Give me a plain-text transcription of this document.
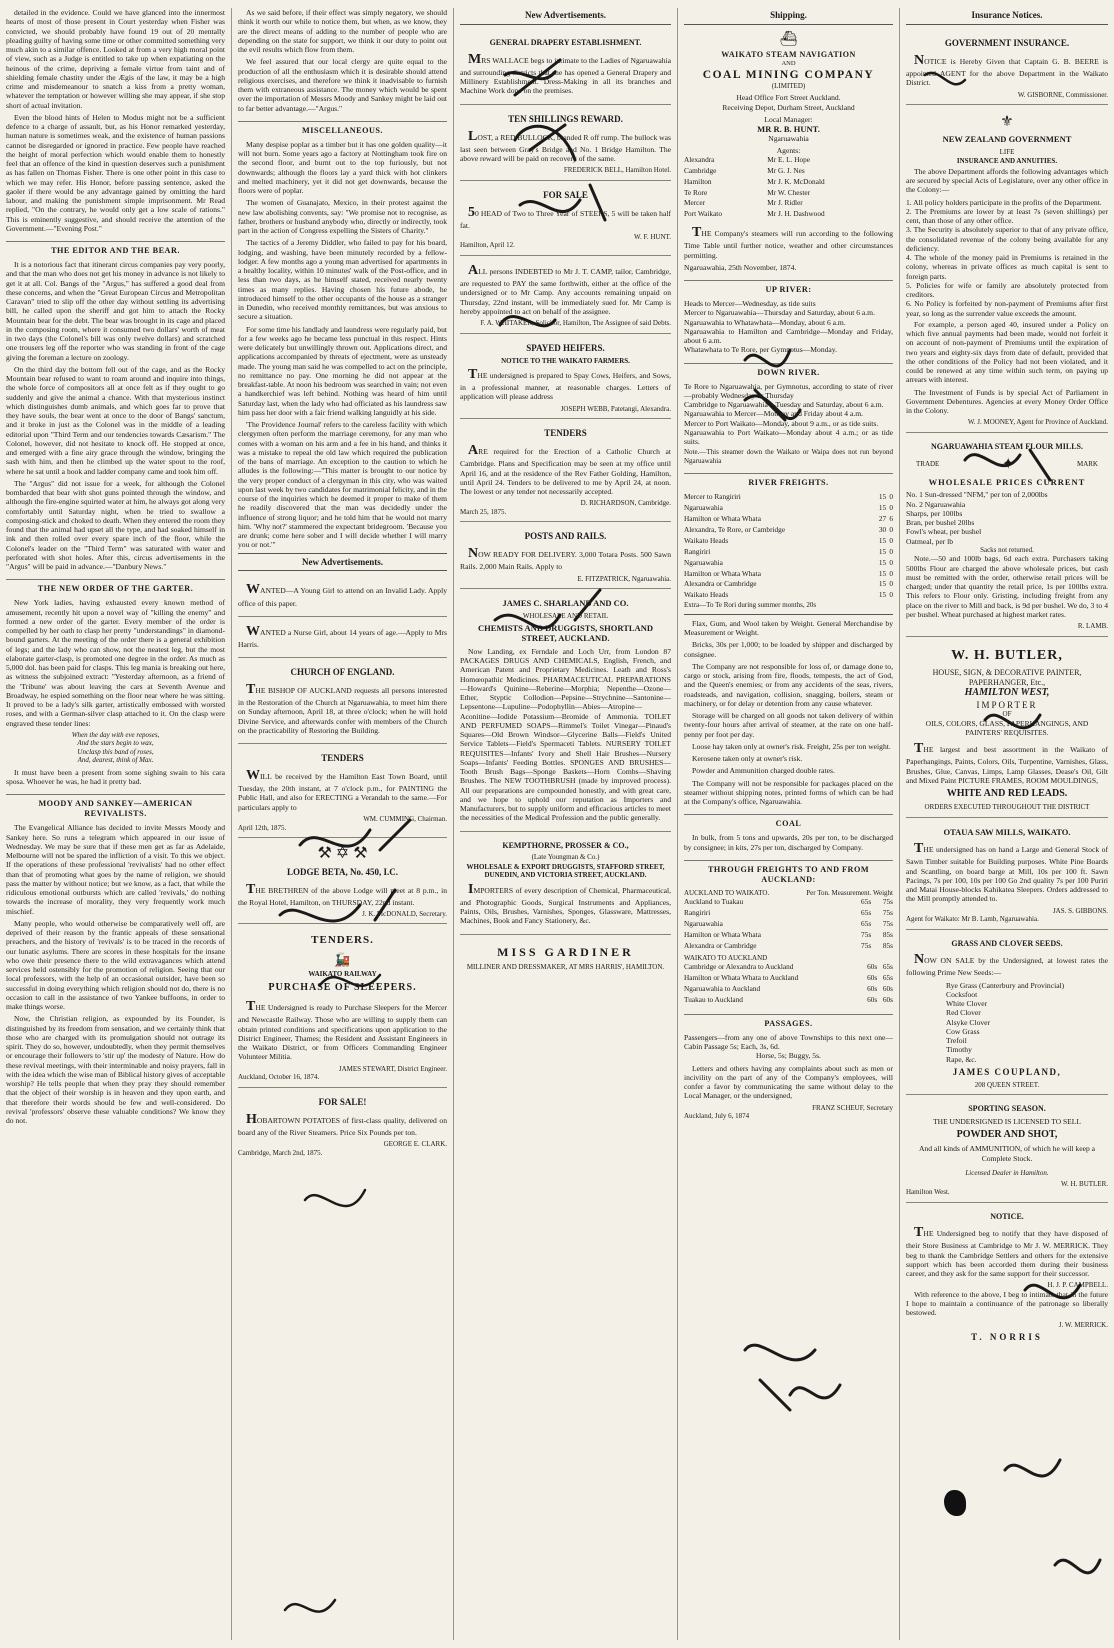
detailed in the evidence. Could we have glanced into the innermost hearts of most of those present in Court yesterday when Fisher was convicted, we should probably have found 19 out of 20 mentally pleading guilty of having some time or other committed something very much akin to a similar offence. Looked at from a very high moral point of view, such as a Judge is entitled to take up when expatiating on the heinous of the crime, depriving a female virtue from taint and of shielding female chastity under the Ægis of the law, it may be a high crime and misdemeanour to snatch a kiss from a pretty woman, whatever the temptation or however willing she may appear, if she stop short of actual invitation.

Even the blood hints of Helen to Modus might not be a sufficient defence to a charge of assault, but, as his Honor remarked yesterday, human nature is sometimes weak, and the existence of human passions cannot be disregarded or ignored in practice. Few people have reached the height of moral perfection which would enable them to honestly feel that an offence of the kind in question deserves such a punishment as has fallen on Thomas Fisher. There is one other point in this case to which we may refer. His Honor, before passing sentence, asked the gaoler if there would be any advantage gained by omitting the hard labour, and making the punishment simple imprisonment. Mr Read replied, "On the contrary, he would only get a low scale of rations." This is eminently suggestive, and should receive the attention of the Government.—"Evening Post."

THE EDITOR AND THE BEAR.

It is a notorious fact that itinerant circus companies pay very poorly, and that the man who does not get his money in advance is not likely to get it at all. Col. Bangs of the "Argus," has suffered a good deal from these concerns, and when the "Great European Circus and Metropolitan Caravan" tried to slip off the other day without settling its advertising bill, he called upon the sheriff and got him to attach the Rocky Mountain bear for the debt. The bear was brought in its cage and placed in the composing room, where it consumed two dollars' worth of meat in two days (the Colonel's bill was only twelve dollars) and scratched one trousers leg off the reporter who was standing in front of the cage giving the foreman a lecture on zoology.

On the third day the bottom fell out of the cage, and as the Rocky Mountain bear refused to want to roam around and inquire into things, the whole force of compositors all at once felt as if they ought to go suddenly and give the animal a chance. With that mysterious instinct which distinguishes dumb animals, and which goes far to prove that they have souls, the bear went at once to the door of Bangs' sanctum, and it broke in just as the Colonel was in the middle of a leading editorial upon "Third Term and our tendencies towards Cæsarism." The Colonel, however, did not hesitate to knock off. He stopped at once, and emerged with a fine airy grace through the window, bringing the sash with him, and then he climbed up the water spout to the roof, where he sat until a hook and ladder company came and took him off.

The "Argus" did not issue for a week, for although the Colonel bombarded that bear with shot guns pointed through the window, and although the fire-engine squirted water at him, he always got along very comfortably until Saturday night, when he tried to swallow a composing-stick and choked to death. When they entered the room they found that the animal had upset all the type, and had soaked himself in ink and then rolled over every spare inch of the floor, while the Colonel's leader on the "Third Term" was saturated with water and perforated with shot holes. After this, circus advertisements in the "Argus" will be paid in advance.—"Danbury News."

THE NEW ORDER OF THE GARTER.

New York ladies, having exhausted every known method of amusement, recently hit upon a novel way of "killing the enemy" and formed a new order of the garter. Every member of the order is compelled by her oath to clasp her pretty "understandings" in diamond-bound garters. At the meeting of the order there is a general exhibition of legs; and the lady who can show, not the neatest leg, but the most elaborate garter-clasp, is promoted one degree in the order. As much as 5,000 dol. has been paid for clasps. This leg mania is breaking out here, as witness the subjoined extract: "Yesterday afternoon, as a friend of the 'Tribune' was about leaving the cars at Seventh Avenue and Broadway, he espied something on the floor near where he was sitting. It proved to be a lady's silk garter, artistically embossed with worsted roses, and with a German-silver clasp attached to it. On the clasp were engraved these tender lines:

When the day with eve reposes,
And the stars begin to wax,
Unclasp this band of roses,
And, dearest, think of Max.

It must have been a present from some sighing swain to his cara sposa. Whoever he was, he had it pretty bad.

MOODY AND SANKEY—AMERICAN REVIVALISTS.

The Evangelical Alliance has decided to invite Messrs Moody and Sankey here. So runs a telegram which appeared in our issue of Wednesday. We may be sure that if these men get as far as Adelaide, Melbourne will not be spared the infliction of a visit. To this we object. If the operations of these professional 'revivalists' had no other effect than that of promoting what goes by the name of religion, we should pass the matter by without notice; but we know, as a fact, that while the ridiculous emotional outbursts which are called 'revivals,' do nothing towards the increase of morality, they very frequently work much mischief.

Many people, who would otherwise be comparatively well off, are deprived of their reason by the frantic appeals of these sensational preachers, and the history of 'revivals' is to be traced in the records of our lunatic asylums. There are scores in these hospitals for the insane who owe their presence there to the wild extravagances which attend services held ostensibly for the promotion of religion. Seeing that our local professors, with the help of an occasional outsider, have been so successful in doing everything which religion should not do, there is no occasion to call in the assistance of two Yankee buffoons, in order to make things worse.

Now, the Christian religion, as expounded by its Founder, is distinguished by its freedom from sensation, and we certainly think that those who are charged with its promulgation should not outrage its spirit. They do so, however, undoubtedly, when they permit themselves or encourage their followers to 'stir up' the modesty of Nature. How do these revival meetings, with their interminable and noisy prayers, fall in with the idea which the wise man of Biblical history gives of acceptable worship? He tells people that when they pray they should remember that the object of their worship is in heaven and they upon earth, and that therefore their words should be few and well-considered. Do revival 'professors' observe these valuable conditions? We know they do not.

As we said before, if their effect was simply negatory, we should think it worth our while to notice them, but when, as we know, they are the direct means of adding to the number of people who are depending on the state for support, we think it our duty to point out the evil results which flow from them.

We feel assured that our local clergy are quite equal to the production of all the enthusiasm which it is desirable should attend religious exercises, and therefore we think it inadvisable to furnish them with extraneous assistance. The money which would be spent over the importation of Messrs Moody and Sankey might be laid out to far better advantage.—"Argus."

MISCELLANEOUS.

Many despise poplar as a timber but it has one golden quality—it will not burn. Some years ago a factory at Nottingham took fire on the second floor, and burnt out to the top furiously, but not downwards; although the floors lay a yard thick with hot clinkers and melted machinery, yet it did not get downwards, because the floors were of poplar.

The women of Guanajato, Mexico, in their protest against the new law abolishing convents, say: "We promise not to recognise, as father, brothers or husband anybody who, directly or indirectly, took part in the action of Congress expelling the Sisters of Charity."

The tactics of a Jeremy Diddler, who failed to pay for his board, lodging, and washing, have been minutely recorded by a fellow-lodger. A few months ago a young man advertised for apartments in a healthy locality, within 10 minutes' walk of the Post-office, and in less than two days, as he himself stated, received nearly twenty times as many replies. Having chosen his future abode, he introduced himself to the other occupants of the house as a stranger in Dunedin, who received monthly remittances, but was anxious to secure a situation.

For some time his landlady and laundress were regularly paid, but for a few weeks ago he became less punctual in this respect. Hints were delicately but unwillingly thrown out. Applications direct, and applications accompanied by threats of ejectment, were as unsteady made. The young man said he was compelled to act on the principle, no remittance no pay. One morning he did not appear at the breakfast-table. At noon his bedroom was searched in vain; not even a handkerchief was left behind. Nothing was heard of him until Saturday last, when the lady who had officiated as his laundress saw him pass her door with a fair friend walking languidly at his side.

'The Providence Journal' refers to the careless facility with which clergymen often perform the marriage ceremony, for any man who comes with a woman on his arm and a fee in his hand, and thinks it was a mistake to repeal the old law which required the publication of the bans of marriage. An exception to the caution to which he alludes is the following:—"This matter is brought to our notice by the very proper conduct of a clergyman in this city, who was waited upon last week by two candidates for matrimonial felicity, and in the course of the inquiries which he deemed it proper to make of them he readily discovered that the man was decidedly under the influence of strong liquor; and he told him that he would not marry him. 'Why not?' stammered the expectant bridegroom. 'Because you are drunk; come here sober and I will decide whether I will marry you or not.'"

New Advertisements.

WANTED—A Young Girl to attend on an Invalid Lady. Apply office of this paper.

WANTED a Nurse Girl, about 14 years of age.—Apply to Mrs Harris.

CHURCH OF ENGLAND.

THE BISHOP OF AUCKLAND requests all persons interested in the Restoration of the Church at Ngaruawahia, to meet him there on Sunday afternoon, April 18, at three o'clock; when he will hold Divine Service, and afterwards confer with members of the Church on the practicability of Restoring the Building.

TENDERS

WILL be received by the Hamilton East Town Board, until Tuesday, the 20th instant, at 7 o'clock p.m., for PAINTING the Public Hall, and also for ERECTING a Verandah to the same.—For particulars apply to

WM. CUMMING, Chairman.
April 12th, 1875.
⚒ ✡ ⚒
LODGE BETA, No. 450, I.C.

THE BRETHREN of the above Lodge will meet at 8 p.m., in the Royal Hotel, Hamilton, on THURSDAY, 22nd instant.

J. K. McDONALD, Secretary.
TENDERS.
🚂
WAIKATO RAILWAY
PURCHASE OF SLEEPERS.

THE Undersigned is ready to Purchase Sleepers for the Mercer and Newcastle Railway. Those who are willing to supply them can obtain printed conditions and specifications upon application to the District Engineer, Thames; the Resident and Assistant Engineers in the Waikato District, or from Officers Commanding Engineer Volunteer Militia.

JAMES STEWART, District Engineer.
Auckland, October 16, 1874.
FOR SALE!

HOBARTOWN POTATOES of first-class quality, delivered on board any of the River Steamers. Price Six Pounds per ton.

GEORGE E. CLARK.
Cambridge, March 2nd, 1875.
New Advertisements.
GENERAL DRAPERY ESTABLISHMENT.

MRS WALLACE begs to intimate to the Ladies of Ngaruawahia and surrounding districts that she has opened a General Drapery and Millinery Establishment. Dress-Making in all its branches and Machine Work done on the premises.

TEN SHILLINGS REWARD.

LOST, a RED BULLOCK, branded R off rump. The bullock was last seen between Gray's Bridge and No. 1 Bridge Hamilton. The above reward will be paid on recovery of the same.

FREDERICK BELL, Hamilton Hotel.
FOR SALE

50 HEAD of Two to Three Year of STEERS, 5 will be taken half fat.

W. F. HUNT.
Hamilton, April 12.

ALL persons INDEBTED to Mr J. T. CAMP, tailor, Cambridge, are requested to PAY the same forthwith, either at the office of the undersigned or to Mr Camp. Any accounts remaining unpaid on Thursday, 22nd instant, will be immediately sued for. Mr Camp is hereby appointed to act on behalf of the assignee.

F. A. WHITAKER, Solicitor, Hamilton, The Assignee of said Debts.
SPAYED HEIFERS.
NOTICE TO THE WAIKATO FARMERS.

THE undersigned is prepared to Spay Cows, Heifers, and Sows, in a professional manner, at reasonable charges. Letters of application will please address

JOSEPH WEBB, Patetangi, Alexandra.
TENDERS

ARE required for the Erection of a Catholic Church at Cambridge. Plans and Specification may be seen at my office until April 16, and at the residence of the Rev Father Golding, Hamilton, until April 24. Tenders to be delivered to me by April 24, at noon. The lowest or any tender not necessarily accepted.

D. RICHARDSON, Cambridge.
March 25, 1875.
POSTS AND RAILS.

NOW READY FOR DELIVERY. 3,000 Totara Posts. 500 Sawn Rails. 2,000 Main Rails. Apply to

E. FITZPATRICK, Ngaruawahia.
JAMES C. SHARLAND AND CO.
WHOLESALE AND RETAIL
CHEMISTS AND DRUGGISTS, SHORTLAND STREET, AUCKLAND.

Now Landing, ex Ferndale and Loch Urr, from London 87 PACKAGES DRUGS AND CHEMICALS, English, French, and American Patent and Proprietary Medicines. Leath and Ross's Homœopathic Medicines. PHARMACEUTICAL PREPARATIONS—Howard's Quinine—Reberine—Morphia; Nepenthe—Ozone—Ether, Styptic Collodion—Pepsine—Strychnine—Santonine—Lepsentone—Lupuline—Podophyllin—Abies—Atropine—Aconitine—Iodide Potassium—Bromide of Ammonia. TOILET AND PERFUMED SOAPS—Rimmel's Toilet Vinegar—Pinaud's Squares—Old Brown Windsor—Glycerine Balls—Field's United Service Tablets—Field's Spermaceti Tablets. NURSERY TOILET REQUISITES—Infants' Ivory and Shell Hair Brushes—Nursery Soaps—Infants' Feeding Bottles. SPONGES AND BRUSHES—Tooth Brush Bags—Sponge Baskets—Horn Combs—Shaving Brushes. The NEW TOOTHBRUSH (made by improved process). All our preparations are compounded honestly, and with great care, and we hope to uphold our reputation as Importers and Manufacturers, but to supply uniform and efficacious articles to meet the necessities of the Medical Profession and the public generally.

KEMPTHORNE, PROSSER & CO.,
(Late Youngman & Co.)
WHOLESALE & EXPORT DRUGGISTS, STAFFORD STREET, DUNEDIN, AND VICTORIA STREET, AUCKLAND.

IMPORTERS of every description of Chemical, Pharmaceutical, and Photographic Goods, Surgical Instruments and Appliances, Paints, Oils, Brushes, Varnishes, Sponges, Glassware, Mattresses, Machines, Book and Fancy Stationery, &c.

MISS GARDINER
MILLINER AND DRESSMAKER, AT MRS HARRIS', HAMILTON.
Shipping.
⛴
WAIKATO STEAM NAVIGATION
AND
COAL MINING COMPANY
(LIMITED)
Head Office Fort Street Auckland.
Receiving Depot, Durham Street, Auckland
Local Manager:
MR R. B. HUNT.
Ngaruawahia
Agents:
Alexandra	Mr E. L. Hope
Cambridge	Mr G. J. Nes
Hamilton	Mr J. K. McDonald
Te Rore	Mr W. Chester
Mercer	Mr J. Ridler
Port Waikato	Mr J. H. Dashwood

THE Company's steamers will run according to the following Time Table until further notice, weather and other circumstances permitting.

Ngaruawahia, 25th November, 1874.
UP RIVER:
Heads to Mercer—Wednesday, as tide suits
Mercer to Ngaruawahia—Thursday and Saturday, about 6 a.m.
Ngaruawahia to Whatawhata—Monday, about 6 a.m.
Ngaruawahia to Hamilton and Cambridge—Monday and Friday, about 6 a.m.
Whatawhata to Te Rore, per Gymnotus—Monday.
DOWN RIVER.
Te Rore to Ngaruawahia, per Gymnotus, according to state of river—probably Wednesday or Thursday
Cambridge to Ngaruawahia—Tuesday and Saturday, about 6 a.m.
Ngaruawahia to Mercer—Monday and Friday about 4 a.m.
Mercer to Port Waikato—Monday, about 9 a.m., or as tide suits.
Ngaruawahia to Port Waikato—Monday about 4 a.m.; or as tide suits.
Note.—This steamer down the Waikato or Waipa does not run beyond Ngaruawahia
RIVER FREIGHTS.
Mercer to Rangiriri	15	0
Ngaruawahia	15	0
Hamilton or Whata Whata	27	6
Alexandra, Te Rore, or Cambridge	30	0
Waikato Heads	15	0
Rangiriri	15	0
Ngaruawahia	15	0
Hamilton or Whata Whata	15	0
Alexandra or Cambridge	15	0
Waikato Heads	15	0
Extra—To Te Rori during summer months, 20s

Flax, Gum, and Wool taken by Weight. General Merchandise by Measurement or Weight.

Bricks, 30s per 1,000; to be loaded by shipper and discharged by consignee.

The Company are not responsible for loss of, or damage done to, cargo or stock, arising from fire, floods, tempests, the act of God, and the Queen's enemies; or from any accidents of the seas, rivers, roadsteads, and navigation, collision, snagging, boilers, steam or machinery, or for delay or detention from any cause whatever.

Storage will be charged on all goods not taken delivery of within twenty-four hours after arrival of steamer, at the rate on one half-penny per foot per day.

Loose hay taken only at owner's risk. Freight, 25s per ton weight.

Kerosene taken only at owner's risk.

Powder and Ammunition charged double rates.

The Company will not be responsible for packages placed on the steamer without shipping notes, printed forms of which can be had at the Company's office, Ngaruawahia.

COAL

In bulk, from 5 tons and upwards, 20s per ton, to be discharged by consignee; in kits, 27s per ton, discharged by Company.

THROUGH FREIGHTS TO AND FROM AUCKLAND:
AUCKLAND TO WAIKATO.	Per Ton. Measurement. Weight
Auckland to Tuakau	65s	75s
Rangiriri	65s	75s
Ngaruawahia	65s	75s
Hamilton or Whata Whata	75s	85s
Alexandra or Cambridge	75s	85s
WAIKATO TO AUCKLAND
Cambridge or Alexandra to Auckland	60s	65s
Hamilton or Whata Whata to Auckland	60s	65s
Ngaruawahia to Auckland	60s	60s
Tuakau to Auckland	60s	60s
PASSAGES.
Passengers—from any one of above Townships to this next one—Cabin Passage 5s; Each, 3s, 6d.
Horse, 5s; Buggy, 5s.

Letters and others having any complaints about such as men or incivility on the part of any of the Company's employees, will confer a favor by communicating the same without delay to the Local Manager, or the undersigned,

FRANZ SCHEUF, Secretary
Auckland, July 6, 1874
Insurance Notices.
GOVERNMENT INSURANCE.

NOTICE is Hereby Given that Captain G. B. BEERE is appointed AGENT for the above Department in the Waikato District.

W. GISBORNE, Commissioner.
⚜
NEW ZEALAND GOVERNMENT
LIFE
INSURANCE AND ANNUITIES.

The above Department affords the following advantages which are secured by special Acts of Legislature, over any other office in the Colony:—

1. All policy holders participate in the profits of the Department.
2. The Premiums are lower by at least 7s (seven shillings) per cent, than those of any other office.
3. The Security is absolutely superior to that of any private office, the consolidated revenue of the colony being available for any deficiency.
4. The whole of the money paid in Premiums is retained in the colony, whereas in private offices as much capital is sent to foreign parts.
5. Policies for wife or family are absolutely protected from creditors.
6. No Policy is forfeited by non-payment of Premiums after first year, so long as the surrender value exceeds the amount.

For example, a person aged 40, insured under a Policy on which five annual payments had been made, would not forfeit it on account of non-payment of Premiums until the expiration of two years and eighty-six days from date of default, provided that the other conditions of the Policy had not been violated, and it could be renewed at any time within such term, on paying up arrears with interest.

The Investment of Funds is by special Act of Parliament in Government Debentures. Agencies at every Money Order Office in the Colony.

W. J. MOONEY, Agent for Province of Auckland.
NGARUAWAHIA STEAM FLOUR MILLS.
TRADE	✦	MARK
WHOLESALE PRICES CURRENT
No. 1 Sun-dressed "NFM," per ton of 2,000lbs
No. 2 Ngaruawahia
Sharps, per 100lbs
Bran, per bushel 20lbs
Fowl's wheat, per bushel
Oatmeal, per lb
Sacks not returned.

Note.—50 and 100lb bags, 6d each extra. Purchasers taking 500lbs Flour are charged the above wholesale prices, but cash must be remitted with the order, otherwise retail prices will be charged; under that quantity the retail price, 1s per 100lbs extra. This refers to Flour only. Gristing, including freight from any place on the river to Mill and back, is 9d per bushel. We do, 3 to 4 per bushel. Wheat purchased at highest market rates.

R. LAMB.
W. H. BUTLER,
HOUSE, SIGN, & DECORATIVE PAINTER,
PAPERHANGER, Etc.,
HAMILTON WEST,
IMPORTER
OF
OILS, COLORS, GLASS, PAPERHANGINGS, AND
PAINTERS' REQUISITES.

THE largest and best assortment in the Waikato of Paperhangings, Paints, Colors, Oils, Turpentine, Varnishes, Glass, Brushes, Glue, Canvas, Limps, Lamp Glasses, Dease's Oil, Gilt and Mixed Paint PICTURE FRAMES, ROOM MOULDINGS,

WHITE AND RED LEADS.
ORDERS EXECUTED THROUGHOUT THE DISTRICT
OTAUA SAW MILLS, WAIKATO.

THE undersigned has on hand a Large and General Stock of Sawn Timber suitable for Building purposes. White Pine Boards and Scantling, on board barge at Mill, 10s per 100 ft. Sawn Pacings, 7s per 100, 10s per 100 Go 2nd quality 7s per 100 Puriri and Matai House-blocks Kahikatea Sleepers. Orders addressed to the Mill promptly attended to.

JAS. S. GIBBONS.
Agent for Waikato: Mr B. Lamb, Ngaruawahia.
GRASS AND CLOVER SEEDS.

NOW ON SALE by the Undersigned, at lowest rates the following Prime New Seeds:—

Rye Grass (Canterbury and Provincial)
Cocksfoot
White Clover
Red Clover
Alsyke Clover
Cow Grass
Trefoil
Timothy
Rape, &c.
JAMES COUPLAND,
208 QUEEN STREET.
SPORTING SEASON.
THE UNDERSIGNED IS LICENSED TO SELL
POWDER AND SHOT,
And all kinds of AMMUNITION, of which he will keep a Complete Stock.
Licensed Dealer in Hamilton.
W. H. BUTLER.
Hamilton West.
NOTICE.

THE Undersigned beg to notify that they have disposed of their Store Business at Cambridge to Mr J. W. MERRICK. They beg to thank the Cambridge Settlers and others for the extensive support which has been accorded them during their business career, and they ask for the same support for their successor.

H. J. P. CAMPBELL.

With reference to the above, I beg to intimate that in the future I hope to maintain a continuance of the patronage so liberally bestowed.

J. W. MERRICK.
T. NORRIS
